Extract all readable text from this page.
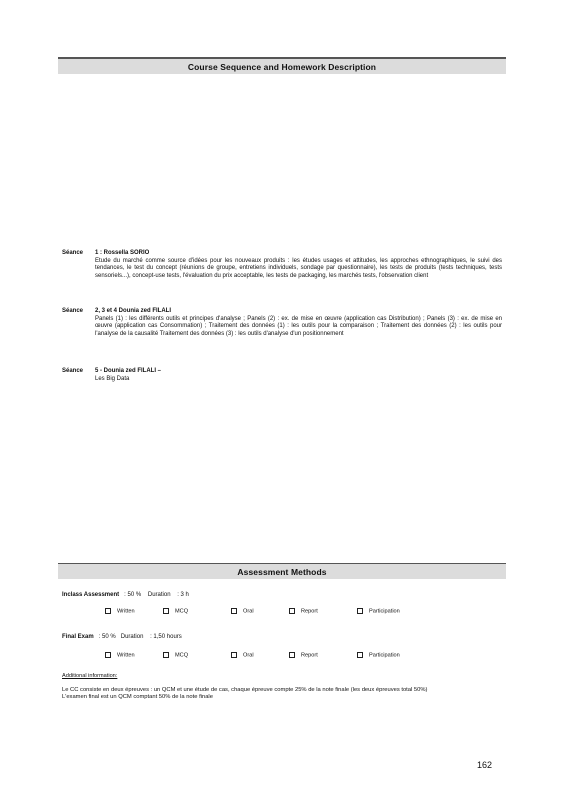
Course Sequence and Homework Description
Séance	1 : Rossella SORIO
Etude du marché comme source d'idées pour les nouveaux produits : les études usages et attitudes, les approches ethnographiques, le suivi des tendances, le test du concept (réunions de groupe, entretiens individuels, sondage par questionnaire), les tests de produits (tests techniques, tests sensoriels...), concept-use tests, l'évaluation du prix acceptable, les tests de packaging, les marchés tests, l'observation client
Séance	2, 3 et 4 Dounia zed FILALI
Panels (1) : les différents outils et principes d'analyse ; Panels (2) : ex. de mise en œuvre (application cas Distribution) ; Panels (3) : ex. de mise en œuvre (application cas Consommation) ; Traitement des données (1) : les outils pour la comparaison ; Traitement des données (2) : les outils pour l'analyse de la causalité Traitement des données (3) : les outils d'analyse d'un positionnement
Séance	5 - Dounia zed FILALI –
Les Big Data
Assessment Methods
Inclass Assessment : 50 % Duration : 3 h
Written	MCQ	Oral	Report	Participation
Final Exam : 50 % Duration : 1,50 hours
Written	MCQ	Oral	Report	Participation
Additional information:
Le CC consiste en deux épreuves : un QCM et une étude de cas, chaque épreuve compte 25% de la note finale (les deux épreuves total 50%)
L'examen final est un QCM comptant 50% de la note finale
162
